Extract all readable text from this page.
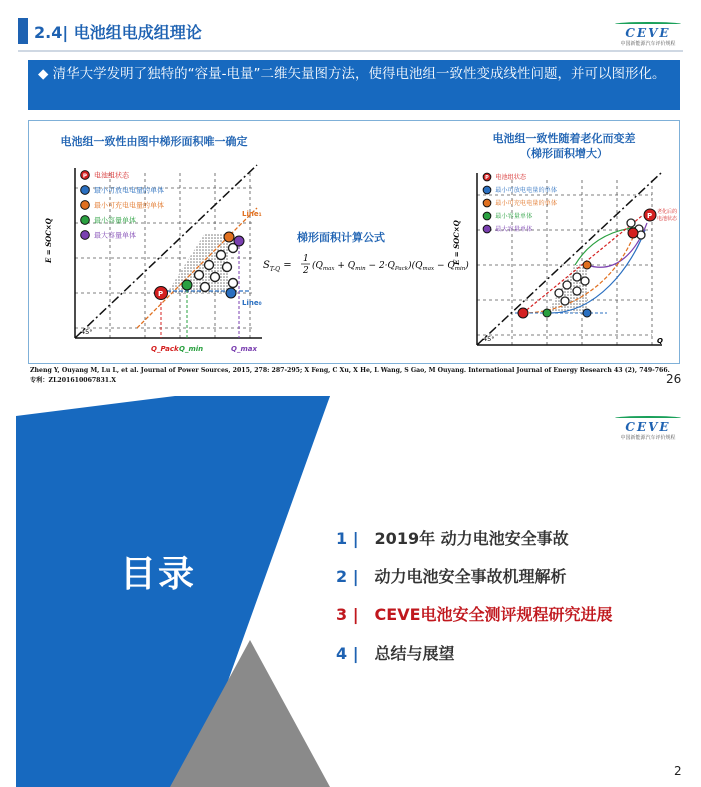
2.4| 电池组电成组理论	CEVE
中国新能源汽车评价规程
◆ 清华大学发明了独特的“容量-电量”二维矢量图方法，使得电池组一致性变成线性问题，并可以图形化。
电池组一致性由图中梯形面积唯一确定	电池组一致性随着老化而变差
（梯形面积增大）
梯形面积计算公式
$S_{T-Q}$ =
1
2 $(Q_{max} + Q_{min} - 2\cdot Q_{Pack})(Q_{max} - Q_{min})$
E = SOC×Q
45°
Line₁
Line₀
P
Q_Pack Q_min	Q_max
P 电池组状态
最小可放电电量的单体
最小可充电电量的单体
最小容量单体
最大容量单体	E = SOC×Q
45°	Q
P 老化后的
电池状态
P 电池组状态
最小可放电电量的单体
最小可充电电量的单体
最小容量单体
最大容量单体
Zheng Y, Ouyang M, Lu L, et al. Journal of Power Sources, 2015, 278: 287-295; X Feng, C Xu, X He, L Wang, S Gao, M Ouyang. International Journal of Energy Research 43 (2), 749-766.
专利：ZL201610067831.X	26
CEVE
中国新能源汽车评价规程
目录
1 | 2019年 动力电池安全事故
2 | 动力电池安全事故机理解析
3 | CEVE电池安全测评规程研究进展
4 | 总结与展望
2
